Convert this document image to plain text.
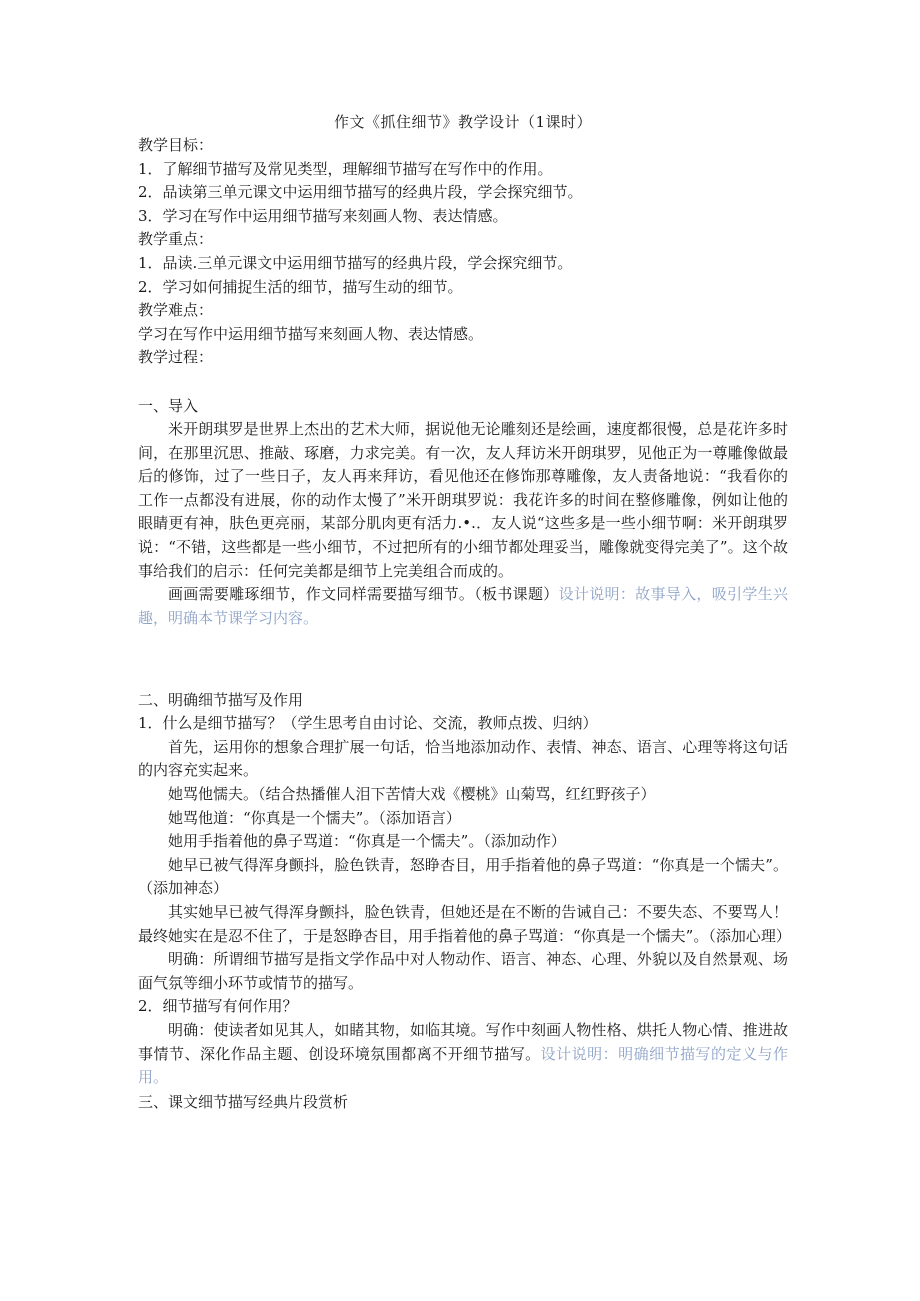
作文《抓住细节》教学设计（1课时）

教学目标：

1．了解细节描写及常见类型，理解细节描写在写作中的作用。

2．品读第三单元课文中运用细节描写的经典片段，学会探究细节。

3．学习在写作中运用细节描写来刻画人物、表达情感。

教学重点：

1．品读.三单元课文中运用细节描写的经典片段，学会探究细节。

2．学习如何捕捉生活的细节，描写生动的细节。

教学难点：

学习在写作中运用细节描写来刻画人物、表达情感。

教学过程：

一、导入

米开朗琪罗是世界上杰出的艺术大师，据说他无论雕刻还是绘画，速度都很慢，总是花许多时间，在那里沉思、推敲、琢磨，力求完美。有一次，友人拜访米开朗琪罗，见他正为一尊雕像做最后的修饰，过了一些日子，友人再来拜访，看见他还在修饰那尊雕像，友人责备地说：“我看你的工作一点都没有进展，你的动作太慢了”米开朗琪罗说：我花许多的时间在整修雕像，例如让他的眼睛更有神，肤色更亮丽，某部分肌肉更有活力.•.．友人说“这些多是一些小细节啊：米开朗琪罗说：“不错，这些都是一些小细节，不过把所有的小细节都处理妥当，雕像就变得完美了”。这个故事给我们的启示：任何完美都是细节上完美组合而成的。

画画需要雕琢细节，作文同样需要描写细节。（板书课题）设计说明：故事导入，吸引学生兴趣，明确本节课学习内容。

二、明确细节描写及作用

1．什么是细节描写？（学生思考自由讨论、交流，教师点拨、归纳）

首先，运用你的想象合理扩展一句话，恰当地添加动作、表情、神态、语言、心理等将这句话的内容充实起来。

她骂他懦夫。（结合热播催人泪下苦情大戏《樱桃》山菊骂，红红野孩子）

她骂他道：“你真是一个懦夫”。（添加语言）

她用手指着他的鼻子骂道：“你真是一个懦夫”。（添加动作）

她早已被气得浑身颤抖，脸色铁青，怒睁杏目，用手指着他的鼻子骂道：“你真是一个懦夫”。（添加神态）

其实她早已被气得浑身颤抖，脸色铁青，但她还是在不断的告诫自己：不要失态、不要骂人！最终她实在是忍不住了，于是怒睁杏目，用手指着他的鼻子骂道：“你真是一个懦夫”。（添加心理）

明确：所谓细节描写是指文学作品中对人物动作、语言、神态、心理、外貌以及自然景观、场面气氛等细小环节或情节的描写。

2．细节描写有何作用？

明确：使读者如见其人，如睹其物，如临其境。写作中刻画人物性格、烘托人物心情、推进故事情节、深化作品主题、创设环境氛围都离不开细节描写。设计说明：明确细节描写的定义与作用。

三、课文细节描写经典片段赏析
